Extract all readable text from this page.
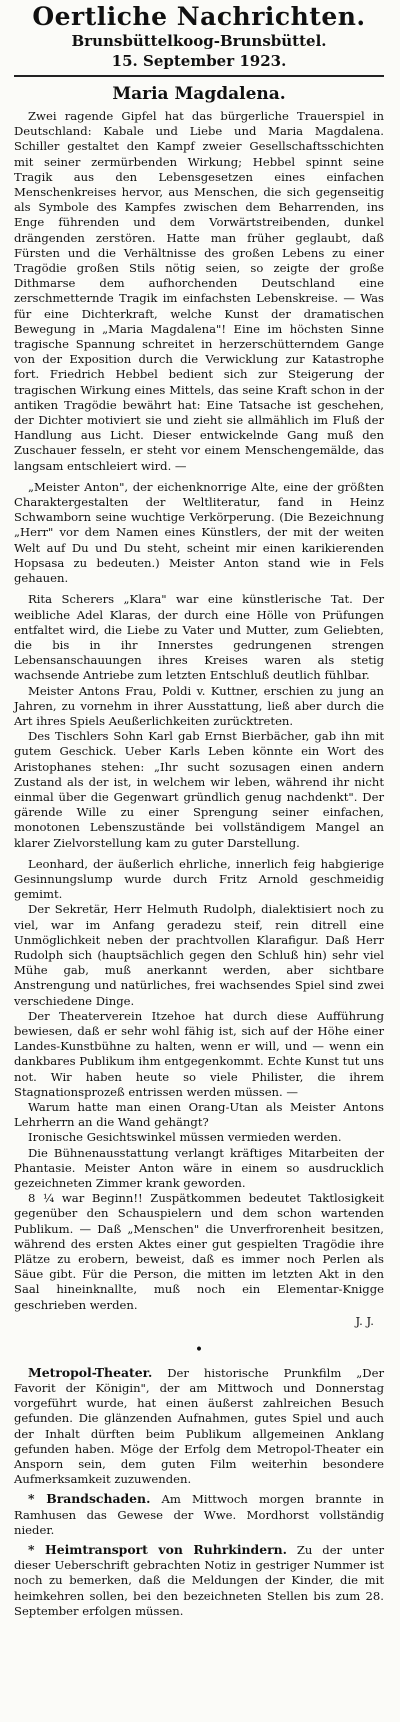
Oertliche Nachrichten.
Brunsbüttelkoog-Brunsbüttel.
15. September 1923.
Maria Magdalena.

Zwei ragende Gipfel hat das bürgerliche Trauerspiel in Deutschland: Kabale und Liebe und Maria Magdalena. Schiller gestaltet den Kampf zweier Gesellschaftsschichten mit seiner zermürbenden Wirkung; Hebbel spinnt seine Tragik aus den Lebensgesetzen eines einfachen Menschenkreises hervor, aus Menschen, die sich gegenseitig als Symbole des Kampfes zwischen dem Beharrenden, ins Enge führenden und dem Vorwärtstreibenden, dunkel drängenden zerstören. Hatte man früher geglaubt, daß Fürsten und die Verhältnisse des großen Lebens zu einer Tragödie großen Stils nötig seien, so zeigte der große Dithmarse dem aufhorchenden Deutschland eine zerschmetternde Tragik im einfachsten Lebenskreise. — Was für eine Dichterkraft, welche Kunst der dramatischen Bewegung in „Maria Magdalena"! Eine im höchsten Sinne tragische Spannung schreitet in herzerschütterndem Gange von der Exposition durch die Verwicklung zur Katastrophe fort. Friedrich Hebbel bedient sich zur Steigerung der tragischen Wirkung eines Mittels, das seine Kraft schon in der antiken Tragödie bewährt hat: Eine Tatsache ist geschehen, der Dichter motiviert sie und zieht sie allmählich im Fluß der Handlung aus Licht. Dieser entwickelnde Gang muß den Zuschauer fesseln, er steht vor einem Menschengemälde, das langsam entschleiert wird. —

„Meister Anton", der eichenknorrige Alte, eine der größten Charaktergestalten der Weltliteratur, fand in Heinz Schwamborn seine wuchtige Verkörperung. (Die Bezeichnung „Herr" vor dem Namen eines Künstlers, der mit der weiten Welt auf Du und Du steht, scheint mir einen karikierenden Hopsasa zu bedeuten.) Meister Anton stand wie in Fels gehauen.

Rita Scherers „Klara" war eine künstlerische Tat. Der weibliche Adel Klaras, der durch eine Hölle von Prüfungen entfaltet wird, die Liebe zu Vater und Mutter, zum Geliebten, die bis in ihr Innerstes gedrungenen strengen Lebensanschauungen ihres Kreises waren als stetig wachsende Antriebe zum letzten Entschluß deutlich fühlbar.

Meister Antons Frau, Poldi v. Kuttner, erschien zu jung an Jahren, zu vornehm in ihrer Ausstattung, ließ aber durch die Art ihres Spiels Aeußerlichkeiten zurücktreten.

Des Tischlers Sohn Karl gab Ernst Bierbächer, gab ihn mit gutem Geschick. Ueber Karls Leben könnte ein Wort des Aristophanes stehen: „Ihr sucht sozusagen einen andern Zustand als der ist, in welchem wir leben, während ihr nicht einmal über die Gegenwart gründlich genug nachdenkt". Der gärende Wille zu einer Sprengung seiner einfachen, monotonen Lebenszustände bei vollständigem Mangel an klarer Zielvorstellung kam zu guter Darstellung.

Leonhard, der äußerlich ehrliche, innerlich feig habgierige Gesinnungslump wurde durch Fritz Arnold geschmeidig gemimt.

Der Sekretär, Herr Helmuth Rudolph, dialektisiert noch zu viel, war im Anfang geradezu steif, rein ditrell eine Unmöglichkeit neben der prachtvollen Klarafigur. Daß Herr Rudolph sich (hauptsächlich gegen den Schluß hin) sehr viel Mühe gab, muß anerkannt werden, aber sichtbare Anstrengung und natürliches, frei wachsendes Spiel sind zwei verschiedene Dinge.

Der Theaterverein Itzehoe hat durch diese Aufführung bewiesen, daß er sehr wohl fähig ist, sich auf der Höhe einer Landes-Kunstbühne zu halten, wenn er will, und — wenn ein dankbares Publikum ihm entgegenkommt. Echte Kunst tut uns not. Wir haben heute so viele Philister, die ihrem Stagnationsprozeß entrissen werden müssen. —

Warum hatte man einen Orang-Utan als Meister Antons Lehrherrn an die Wand gehängt?

Ironische Gesichtswinkel müssen vermieden werden.

Die Bühnenausstattung verlangt kräftiges Mitarbeiten der Phantasie. Meister Anton wäre in einem so ausdrucklich gezeichneten Zimmer krank geworden.

8 ¼ war Beginn!! Zuspätkommen bedeutet Taktlosigkeit gegenüber den Schauspielern und dem schon wartenden Publikum. — Daß „Menschen" die Unverfrorenheit besitzen, während des ersten Aktes einer gut gespielten Tragödie ihre Plätze zu erobern, beweist, daß es immer noch Perlen als Säue gibt. Für die Person, die mitten im letzten Akt in den Saal hineinknallte, muß noch ein Elementar-Knigge geschrieben werden.

J. J.
•

Metropol-Theater. Der historische Prunkfilm „Der Favorit der Königin", der am Mittwoch und Donnerstag vorgeführt wurde, hat einen äußerst zahlreichen Besuch gefunden. Die glänzenden Aufnahmen, gutes Spiel und auch der Inhalt dürften beim Publikum allgemeinen Anklang gefunden haben. Möge der Erfolg dem Metropol-Theater ein Ansporn sein, dem guten Film weiterhin besondere Aufmerksamkeit zuzuwenden.

* Brandschaden. Am Mittwoch morgen brannte in Ramhusen das Gewese der Wwe. Mordhorst vollständig nieder.

* Heimtransport von Ruhrkindern. Zu der unter dieser Ueberschrift gebrachten Notiz in gestriger Nummer ist noch zu bemerken, daß die Meldungen der Kinder, die mit heimkehren sollen, bei den bezeichneten Stellen bis zum 28. September erfolgen müssen.
